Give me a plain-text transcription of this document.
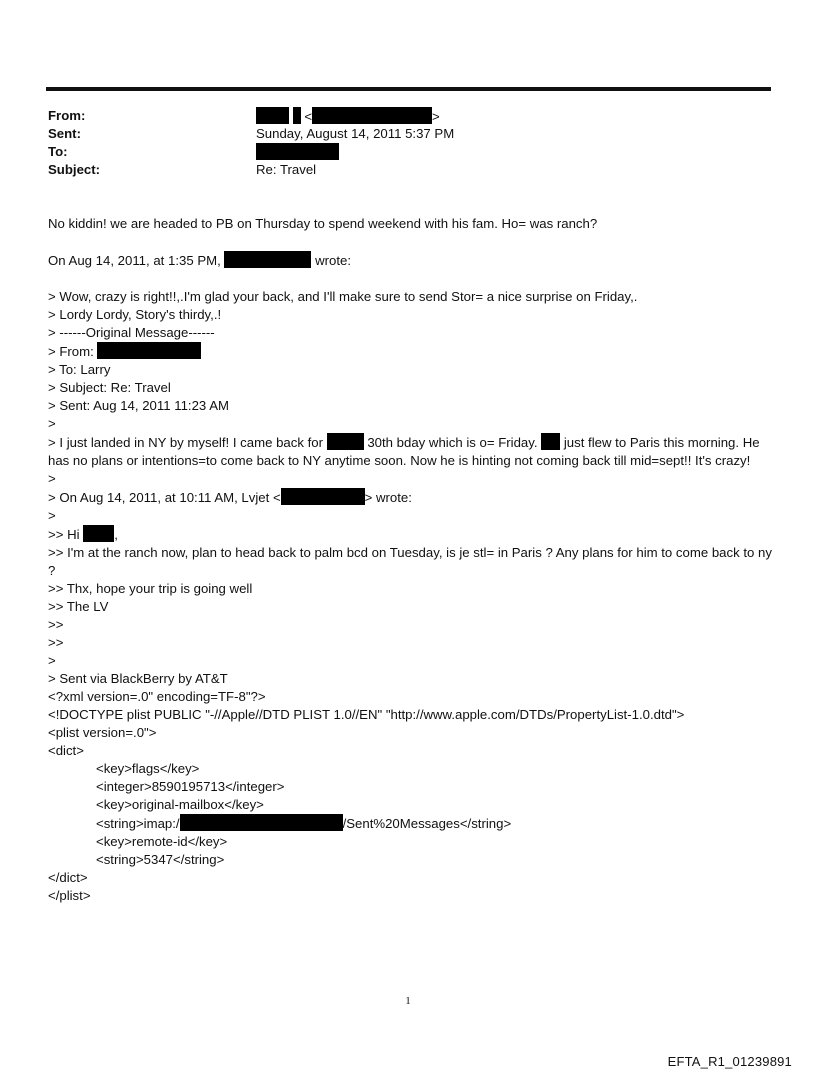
From:	<	>
Sent:	Sunday, August 14, 2011 5:37 PM
To:
Subject:	Re: Travel
No kiddin! we are headed to PB on Thursday to spend weekend with his fam. Ho= was ranch?
On Aug 14, 2011, at 1:35 PM,	wrote:
> Wow, crazy is right!!,.I'm glad your back, and I'll make sure to send Stor= a nice surprise on Friday,.
> Lordy Lordy, Story's thirdy,.!
> ------Original Message------
> From:
> To: Larry
> Subject: Re: Travel
> Sent: Aug 14, 2011 11:23 AM
>
> I just landed in NY by myself! I came back for	30th bday which is o= Friday. just flew to Paris this morning. He has no plans or intentions=to come back to NY anytime soon. Now he is hinting not coming back till mid=sept!! It's crazy!
>
> On Aug 14, 2011, at 10:11 AM, Lvjet <	> wrote:
>
>> Hi	,
>> I'm at the ranch now, plan to head back to palm bcd on Tuesday, is je stl= in Paris ? Any plans for him to come back to ny ?
>> Thx, hope your trip is going well
>> The LV
>>
>>
>
> Sent via BlackBerry by AT&T
<?xml version=.0" encoding=TF-8"?>
<!DOCTYPE plist PUBLIC "-//Apple//DTD PLIST 1.0//EN" "http://www.apple.com/DTDs/PropertyList-1.0.dtd">
<plist version=.0">
<dict>
<key>flags</key>
<integer>8590195713</integer>
<key>original-mailbox</key>
<string>imap:/	/Sent%20Messages</string>
<key>remote-id</key>
<string>5347</string>
</dict>
</plist>
1
EFTA_R1_01239891
